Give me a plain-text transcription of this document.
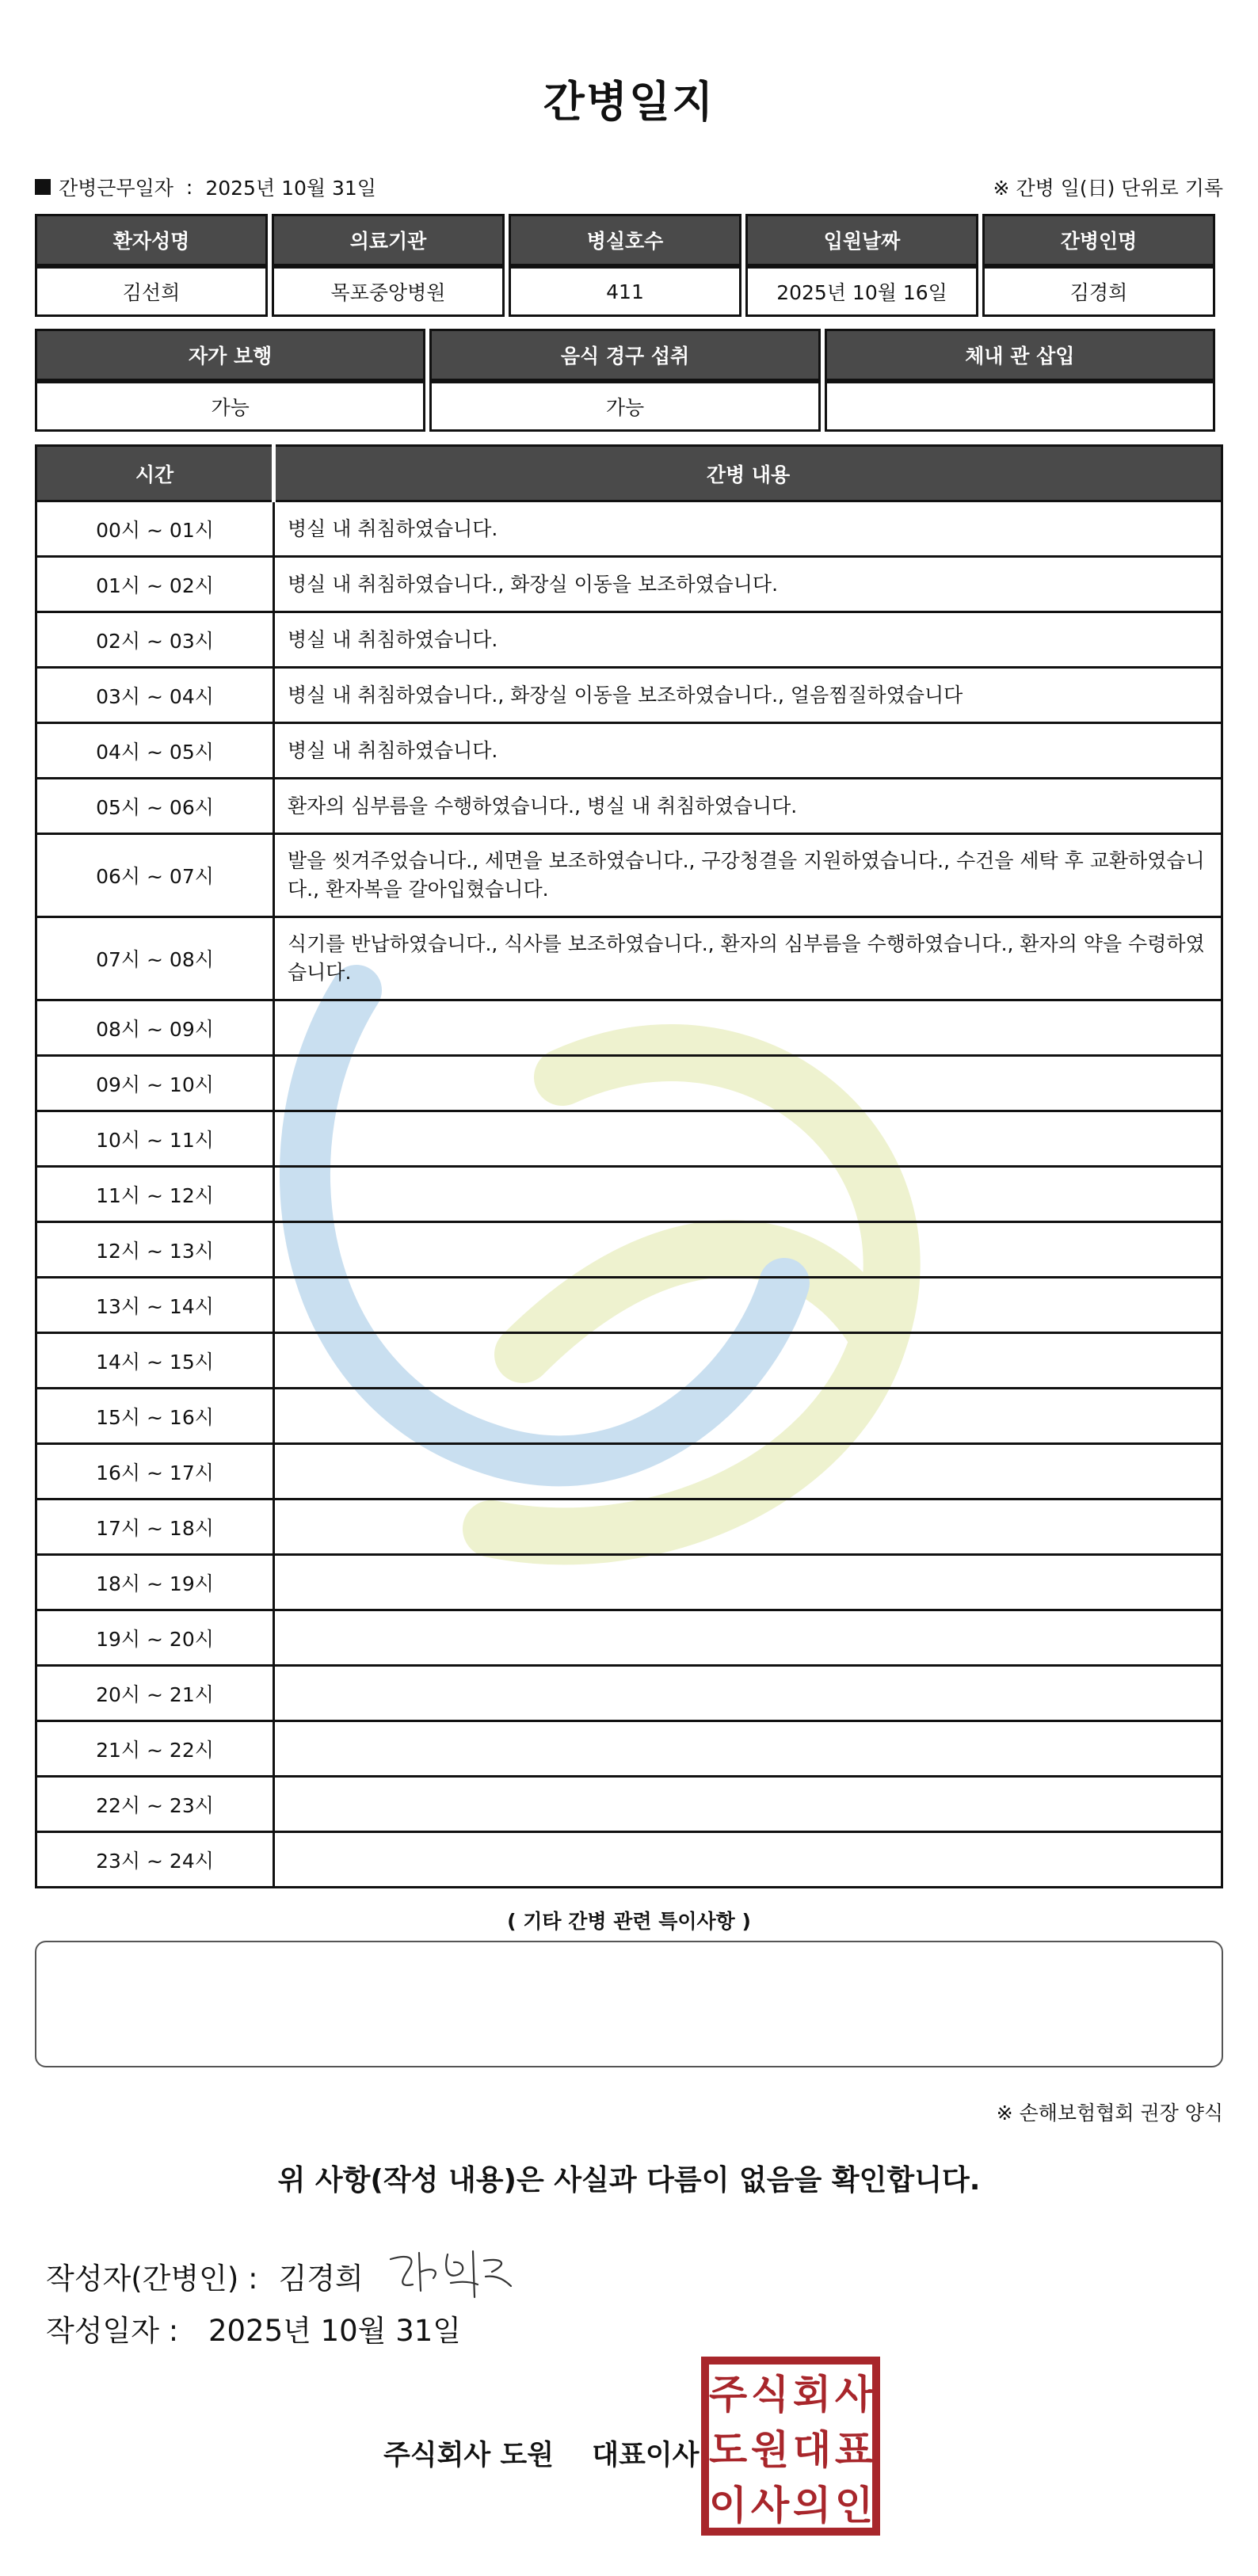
간병일지
간병근무일자 : 2025년 10월 31일	※ 간병 일(日) 단위로 기록
환자성명	의료기관	병실호수	입원날짜	간병인명
김선희	목포중앙병원	411	2025년 10월 16일	김경희
자가 보행	음식 경구 섭취	체내 관 삽입
가능	가능	
시간	간병 내용
00시 ~ 01시	병실 내 취침하였습니다.
01시 ~ 02시	병실 내 취침하였습니다., 화장실 이동을 보조하였습니다.
02시 ~ 03시	병실 내 취침하였습니다.
03시 ~ 04시	병실 내 취침하였습니다., 화장실 이동을 보조하였습니다., 얼음찜질하였습니다
04시 ~ 05시	병실 내 취침하였습니다.
05시 ~ 06시	환자의 심부름을 수행하였습니다., 병실 내 취침하였습니다.
06시 ~ 07시	발을 씻겨주었습니다., 세면을 보조하였습니다., 구강청결을 지원하였습니다., 수건을 세탁 후 교환하였습니다., 환자복을 갈아입혔습니다.
07시 ~ 08시	식기를 반납하였습니다., 식사를 보조하였습니다., 환자의 심부름을 수행하였습니다., 환자의 약을 수령하였습니다.
08시 ~ 09시	
09시 ~ 10시	
10시 ~ 11시	
11시 ~ 12시	
12시 ~ 13시	
13시 ~ 14시	
14시 ~ 15시	
15시 ~ 16시	
16시 ~ 17시	
17시 ~ 18시	
18시 ~ 19시	
19시 ~ 20시	
20시 ~ 21시	
21시 ~ 22시	
22시 ~ 23시	
23시 ~ 24시	
( 기타 간병 관련 특이사항 )
※ 손해보험협회 권장 양식
위 사항(작성 내용)은 사실과 다름이 없음을 확인합니다.
작성자(간병인) : 김경희
작성일자 : 2025년 10월 31일
주식회사 도원 대표이사
주 식 회 사
도 원 대 표
이 사 의 인
